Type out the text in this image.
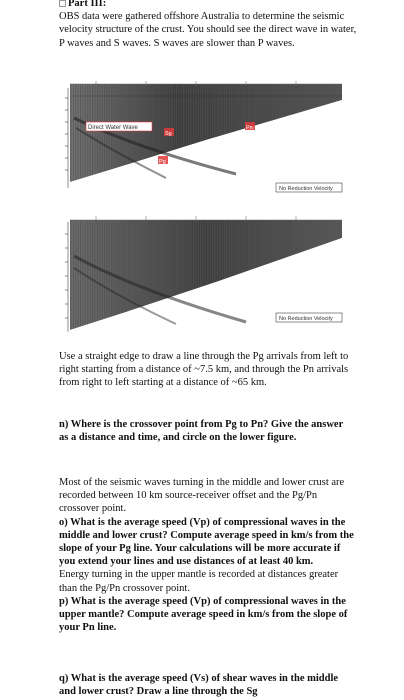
Part III:

OBS data were gathered offshore Australia to determine the seismic velocity structure of the crust. You should see the direct wave in water, P waves and S waves. S waves are slower than P waves.

Direct Water Wave
Sg
Pg
Pn
No Reduction Velocity
No Reduction Velocity

Use a straight edge to draw a line through the Pg arrivals from left to right starting from a distance of ~7.5 km, and through the Pn arrivals from right to left starting at a distance of ~65 km.

n) Where is the crossover point from Pg to Pn? Give the answer as a distance and time, and circle on the lower figure.

Most of the seismic waves turning in the middle and lower crust are recorded between 10 km source-receiver offset and the Pg/Pn crossover point.

o) What is the average speed (Vp) of compressional waves in the middle and lower crust? Compute average speed in km/s from the slope of your Pg line. Your calculations will be more accurate if you extend your lines and use distances of at least 40 km.

Energy turning in the upper mantle is recorded at distances greater than the Pg/Pn crossover point.

p) What is the average speed (Vp) of compressional waves in the upper mantle? Compute average speed in km/s from the slope of your Pn line.

q) What is the average speed (Vs) of shear waves in the middle and lower crust? Draw a line through the Sg
